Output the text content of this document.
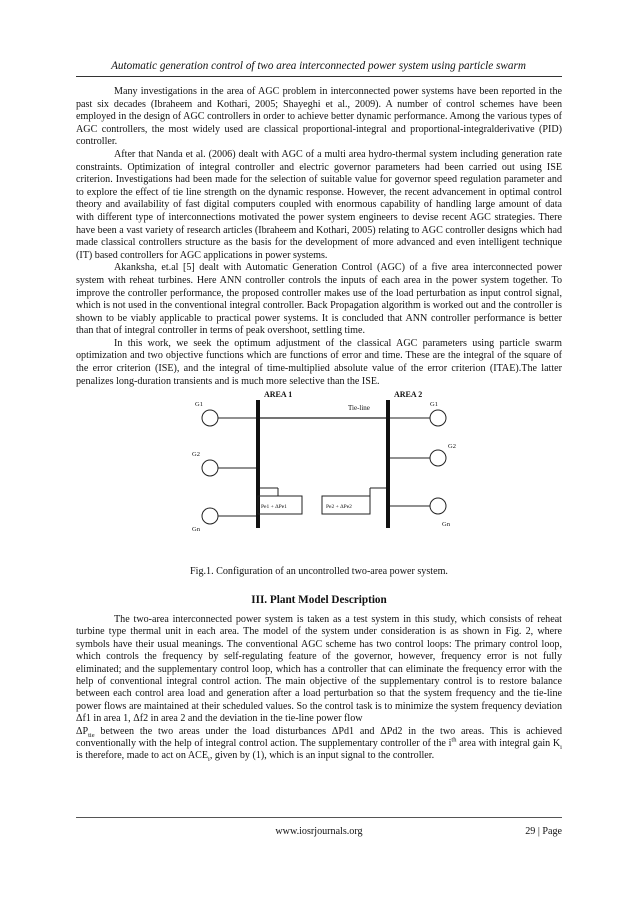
Automatic generation control of two area interconnected power system using particle swarm

Many investigations in the area of AGC problem in interconnected power systems have been reported in the past six decades (Ibraheem and Kothari, 2005; Shayeghi et al., 2009). A number of control schemes have been employed in the design of AGC controllers in order to achieve better dynamic performance. Among the various types of AGC controllers, the most widely used are classical proportional-integral and proportional-integralderivative (PID) controller.

After that Nanda et al. (2006) dealt with AGC of a multi area hydro-thermal system including generation rate constraints. Optimization of integral controller and electric governor parameters had been carried out using ISE criterion. Investigations had been made for the selection of suitable value for governor speed regulation parameter and to explore the effect of tie line strength on the dynamic response. However, the recent advancement in optimal control theory and availability of fast digital computers coupled with enormous capability of handling large amount of data with different type of interconnections motivated the power system engineers to devise recent AGC strategies. There have been a vast variety of research articles (Ibraheem and Kothari, 2005) relating to AGC controller designs which had made classical controllers structure as the basis for the development of more advanced and even intelligent technique (IT) based controllers for AGC applications in power systems.

Akanksha, et.al [5] dealt with Automatic Generation Control (AGC) of a five area interconnected power system with reheat turbines. Here ANN controller controls the inputs of each area in the power system together. To improve the controller performance, the proposed controller makes use of the load perturbation as input control signal, which is not used in the conventional integral controller. Back Propagation algorithm is worked out and the controller is shown to be viably applicable to practical power systems. It is concluded that ANN controller performance is better than that of integral controller in terms of peak overshoot, settling time.

In this work, we seek the optimum adjustment of the classical AGC parameters using particle swarm optimization and two objective functions which are functions of error and time. These are the integral of the square of the error criterion (ISE), and the integral of time-multiplied absolute value of the error criterion (ITAE).The latter penalizes long-duration transients and is much more selective than the ISE.

AREA 1	AREA 2
Tie-line
G1
G2
Gn
G1
G2
Gn
Pe1 + ΔPe1	Pe2 + ΔPe2
Fig.1. Configuration of an uncontrolled two-area power system.
III. Plant Model Description

The two-area interconnected power system is taken as a test system in this study, which consists of reheat turbine type thermal unit in each area. The model of the system under consideration is as shown in Fig. 2, where symbols have their usual meanings. The conventional AGC scheme has two control loops: The primary control loop, which controls the frequency by self-regulating feature of the governor, however, frequency error is not fully eliminated; and the supplementary control loop, which has a controller that can eliminate the frequency error with the help of conventional integral control action. The main objective of the supplementary control is to restore balance between each control area load and generation after a load perturbation so that the system frequency and the tie-line power flows are maintained at their scheduled values. So the control task is to minimize the system frequency deviation Δf1 in area 1, Δf2 in area 2 and the deviation in the tie-line power flow

$\Delta P_{tie}$ between the two areas under the load disturbances ΔPd1 and ΔPd2 in the two areas. This is achieved conventionally with the help of integral control action. The supplementary controller of the $i^{th}$ area with integral gain $K_i$ is therefore, made to act on $ACE_i$, given by (1), which is an input signal to the controller.

www.iosrjournals.org	29 | Page
